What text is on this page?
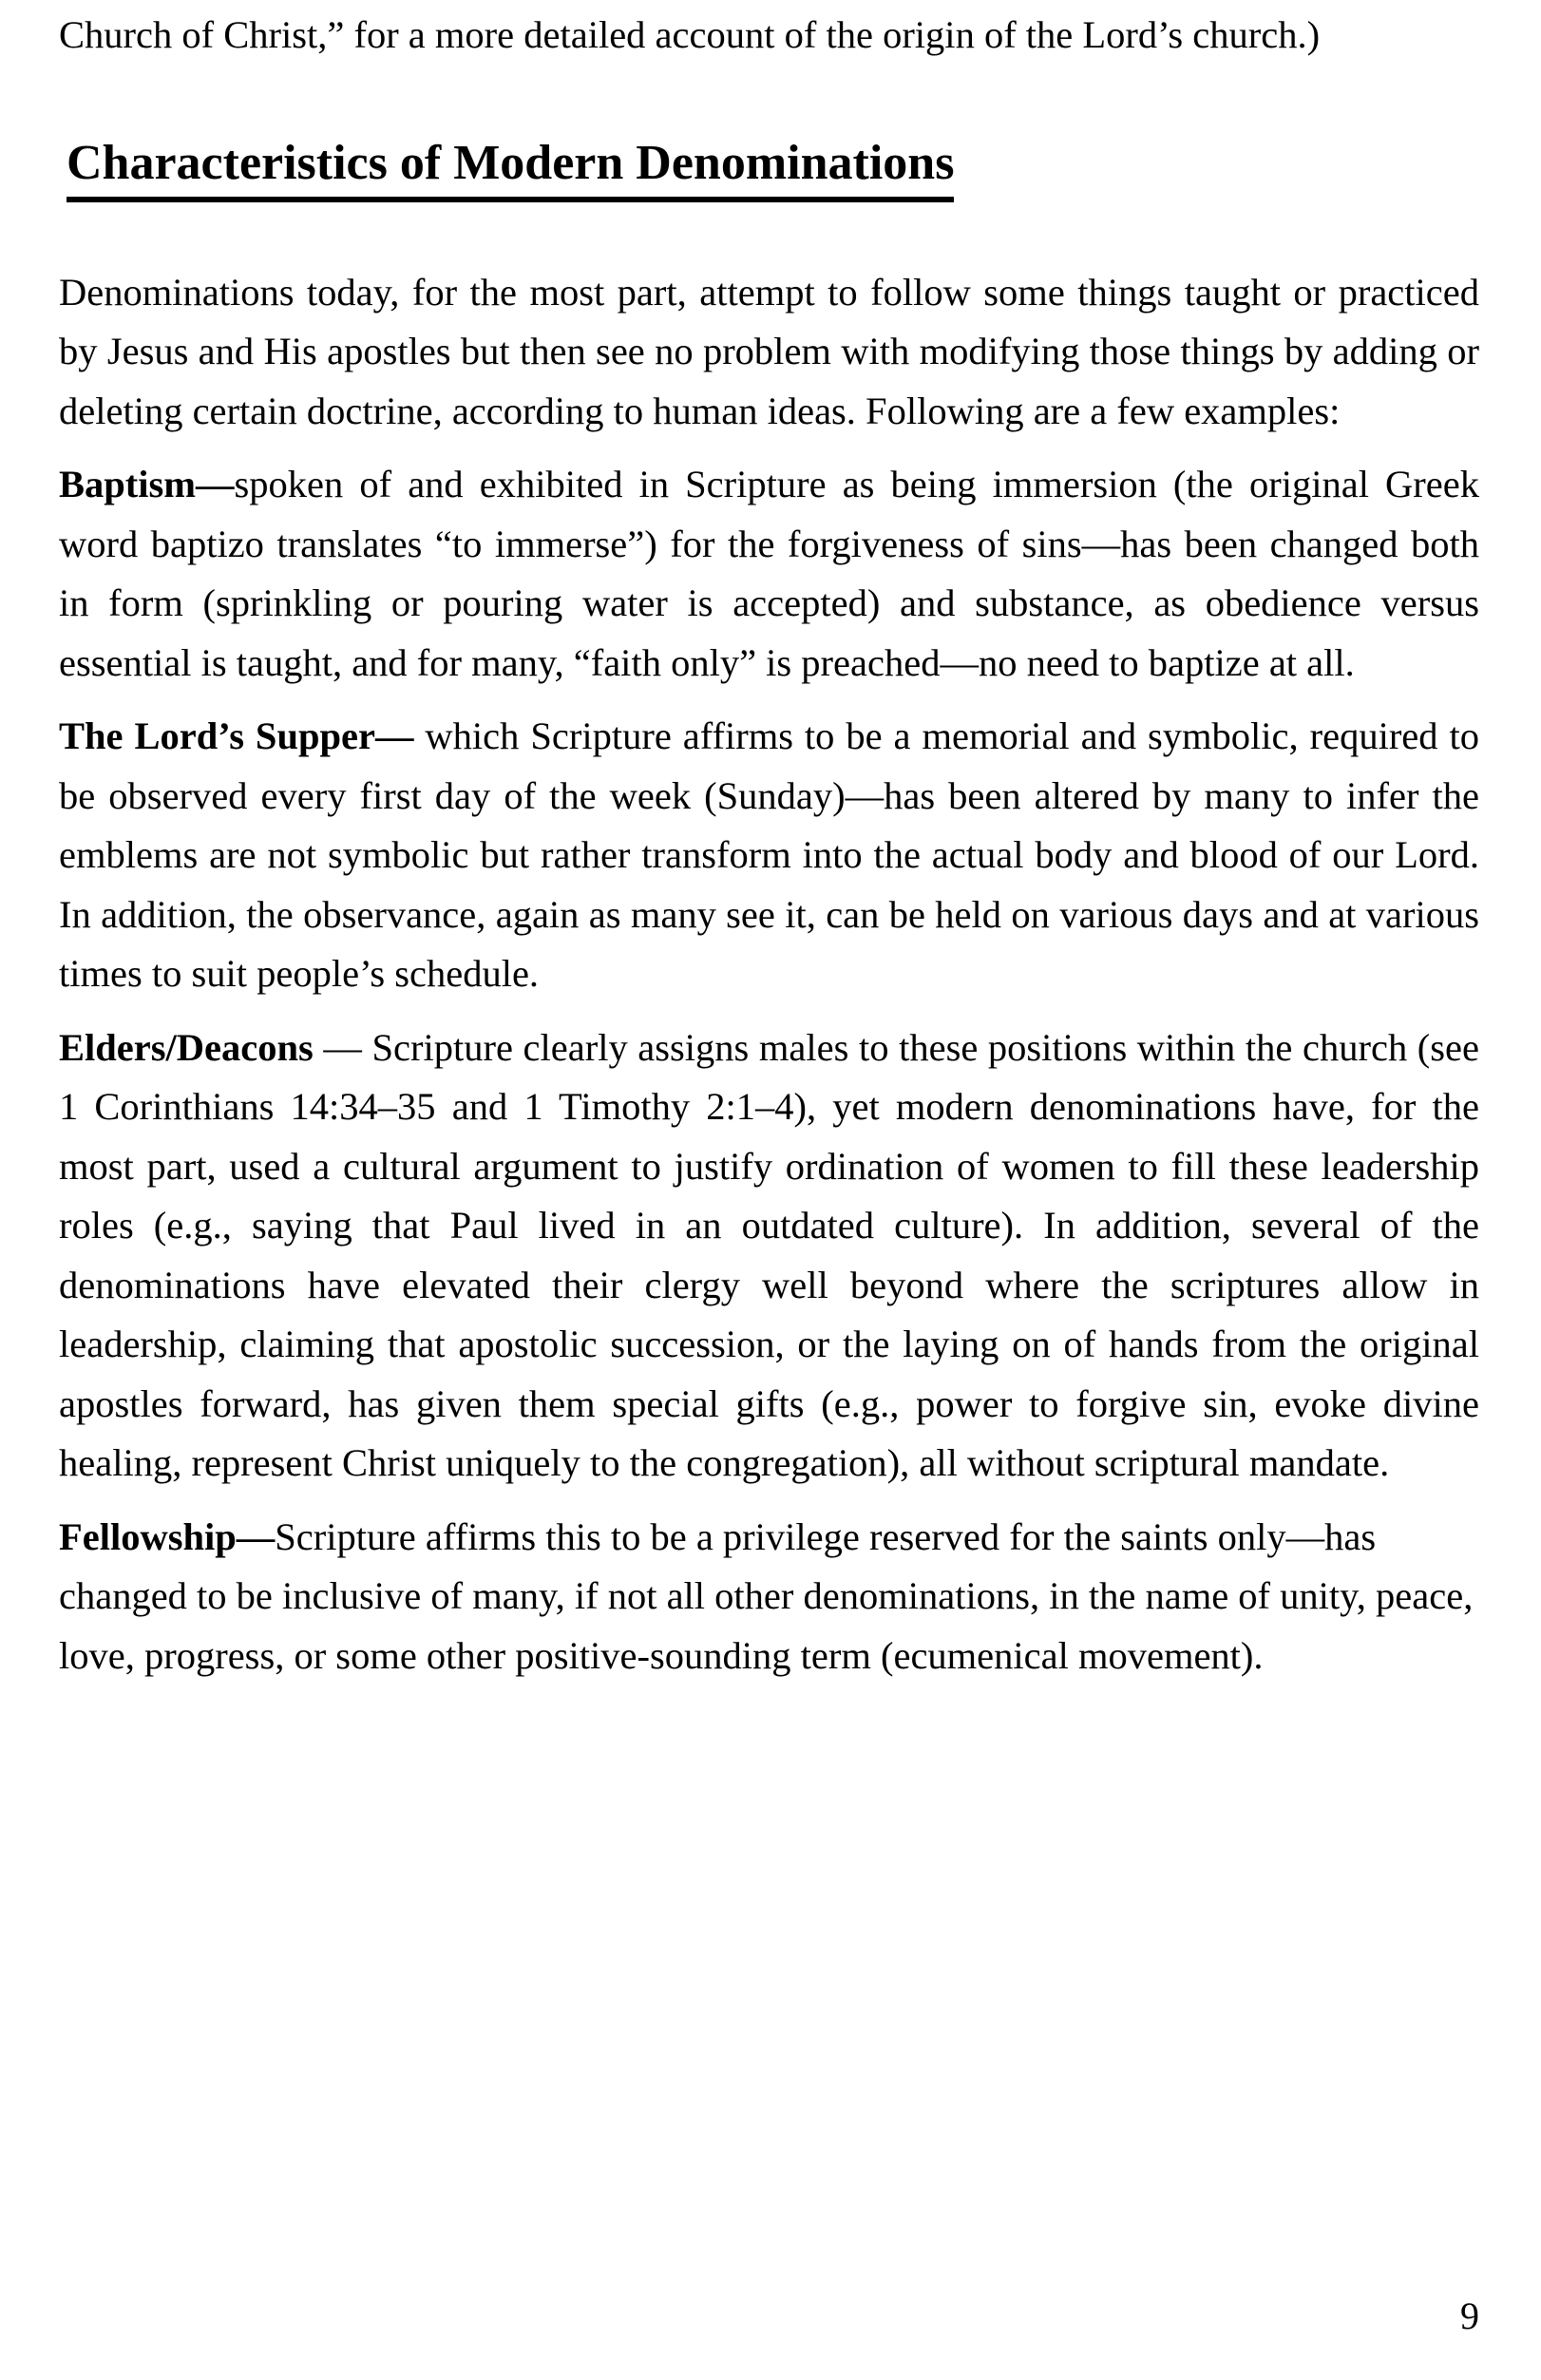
Church of Christ,” for a more detailed account of the origin of the Lord’s church.)

Characteristics of Modern Denominations

Denominations today, for the most part, attempt to follow some things taught or practiced by Jesus and His apostles but then see no problem with modifying those things by adding or deleting certain doctrine, according to human ideas. Following are a few examples:

Baptism—spoken of and exhibited in Scripture as being immersion (the original Greek word baptizo translates “to immerse”) for the forgiveness of sins—has been changed both in form (sprinkling or pouring water is accepted) and substance, as obedience versus essential is taught, and for many, “faith only” is preached—no need to baptize at all.

The Lord’s Supper— which Scripture affirms to be a memorial and symbolic, required to be observed every first day of the week (Sunday)—has been altered by many to infer the emblems are not symbolic but rather transform into the actual body and blood of our Lord. In addition, the observance, again as many see it, can be held on various days and at various times to suit people’s schedule.

Elders/Deacons — Scripture clearly assigns males to these positions within the church (see 1 Corinthians 14:34–35 and 1 Timothy 2:1–4), yet modern denominations have, for the most part, used a cultural argument to justify ordination of women to fill these leadership roles (e.g., saying that Paul lived in an outdated culture). In addition, several of the denominations have elevated their clergy well beyond where the scriptures allow in leadership, claiming that apostolic succession, or the laying on of hands from the original apostles forward, has given them special gifts (e.g., power to forgive sin, evoke divine healing, represent Christ uniquely to the congregation), all without scriptural mandate.

Fellowship—Scripture affirms this to be a privilege reserved for the saints only—has changed to be inclusive of many, if not all other denominations, in the name of unity, peace, love, progress, or some other positive-sounding term (ecumenical movement).

9
